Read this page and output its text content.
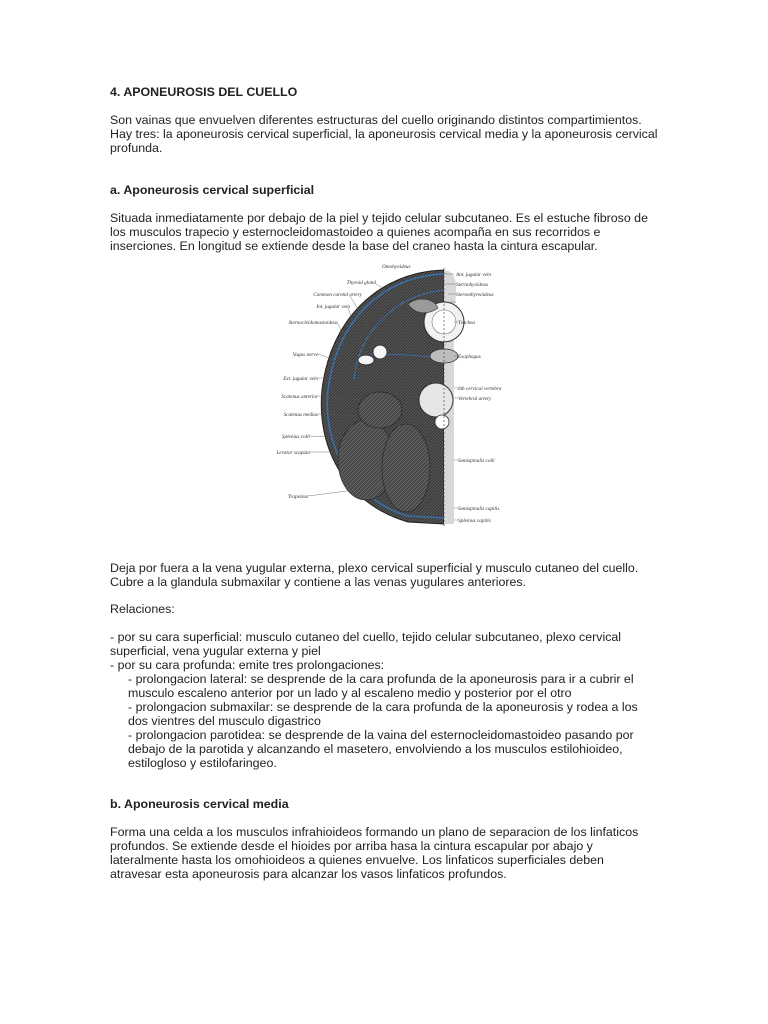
4. APONEUROSIS DEL CUELLO

Son vainas que envuelven diferentes estructuras del cuello originando distintos compartimientos. Hay tres: la aponeurosis cervical superficial, la aponeurosis cervical media y la aponeurosis cervical profunda.

a. Aponeurosis cervical superficial

Situada inmediatamente por debajo de la piel y tejido celular subcutaneo. Es el estuche fibroso de los musculos trapecio y esternocleidomastoideo a quienes acompaña en sus recorridos e inserciones. En longitud se extiende desde la base del craneo hasta la cintura escapular.

Thyroid gland
Common carotid artery
Int. jugular vein
Sternocleidomastoideus
Vagus nerve
Ext. jugular vein
Scalenus anterior
Scalenus medius
Splenius colli
Levator scapula
Trapezius
Omohyoideus
Ant. jugular vein
Sternohyoideus
Sternothyreoideus
Trachea
Esophagus
6th cervical vertebra
Vertebral artery
Semispinalis colli
Semispinalis capitis
Splenius capitis

Deja por fuera a la vena yugular externa, plexo cervical superficial y musculo cutaneo del cuello. Cubre a la glandula submaxilar y contiene a las venas yugulares anteriores.

Relaciones:

- por su cara superficial: musculo cutaneo del cuello, tejido celular subcutaneo, plexo cervical superficial, vena yugular externa y piel

- por su cara profunda: emite tres prolongaciones:

- prolongacion lateral: se desprende de la cara profunda de la aponeurosis para ir a cubrir el musculo escaleno anterior por un lado y al escaleno medio y posterior por el otro

- prolongacion submaxilar: se desprende de la cara profunda de la aponeurosis y rodea a los dos vientres del musculo digastrico

- prolongacion parotidea: se desprende de la vaina del esternocleidomastoideo pasando por debajo de la parotida y alcanzando el masetero, envolviendo a los musculos estilohioideo, estilogloso y estilofaringeo.

b. Aponeurosis cervical media

Forma una celda a los musculos infrahioideos formando un plano de separacion de los linfaticos profundos. Se extiende desde el hioides por arriba hasa la cintura escapular por abajo y lateralmente hasta los omohioideos a quienes envuelve. Los linfaticos superficiales deben atravesar esta aponeurosis para alcanzar los vasos linfaticos profundos.
